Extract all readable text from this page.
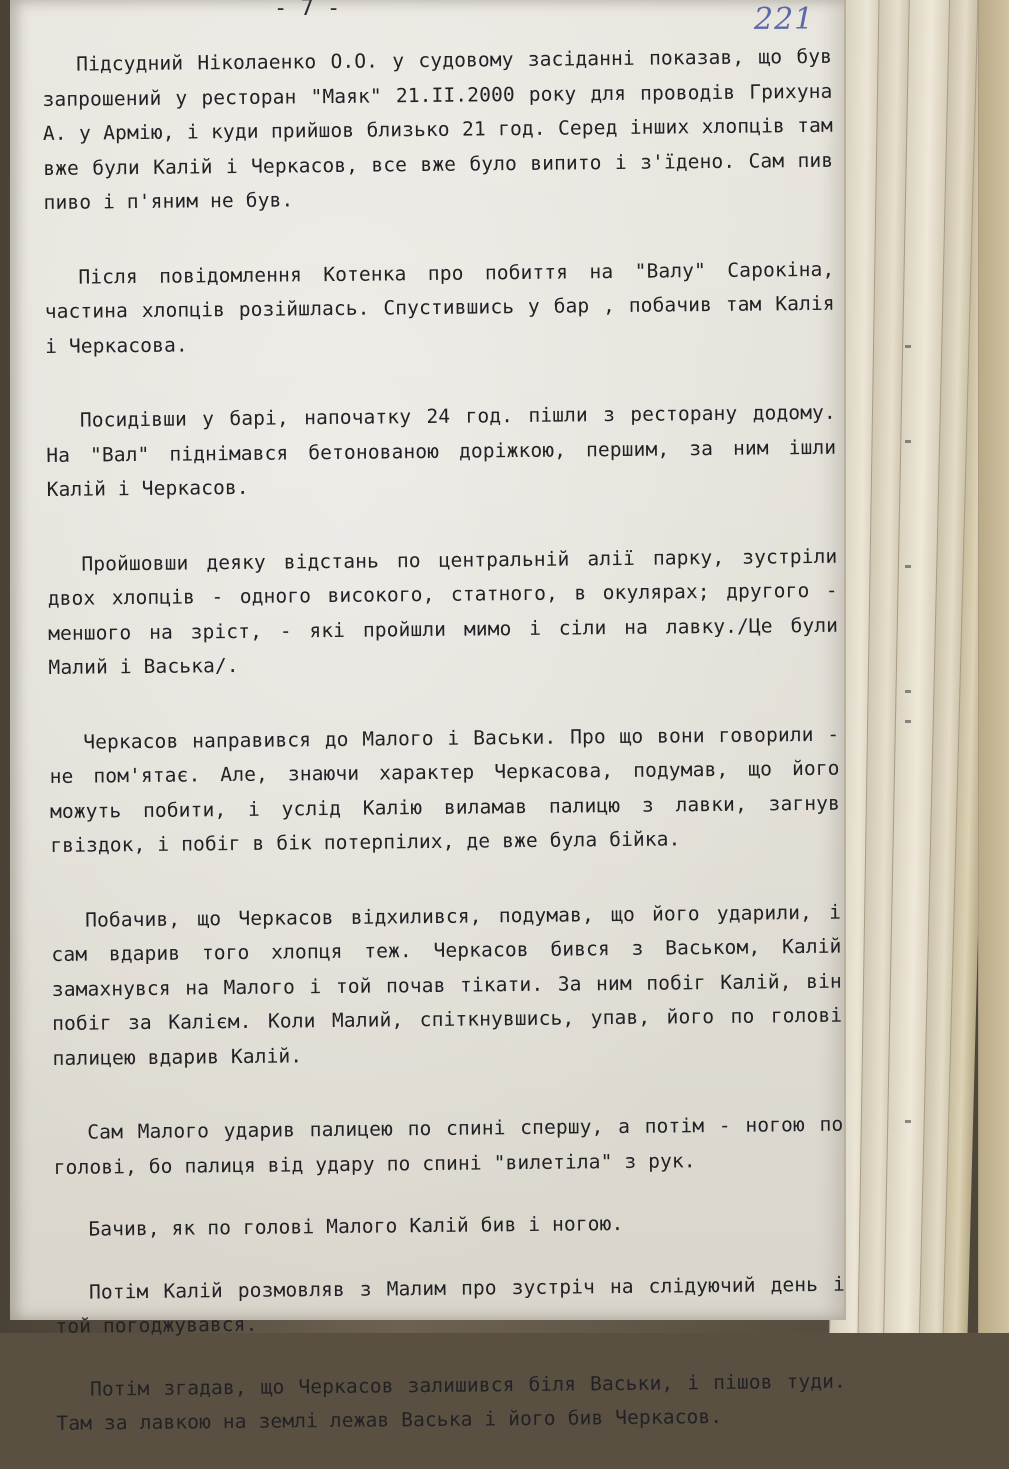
- 7 -	221

Підсудний Ніколаенко О.О. у судовому засіданні показав, що був запрошений у ресторан "Маяк" 21.II.2000 року для проводів Грихуна А. у Армію, і куди прийшов близько 21 год. Серед інших хлопців там вже були Калій і Черкасов, все вже було випито і з'їдено. Сам пив пиво і п'яним не був.

Після повідомлення Котенка про побиття на "Валу" Сарокіна, частина хлопців розійшлась. Спустившись у бар , побачив там Калія і Черкасова.

Посидівши у барі, напочатку 24 год. пішли з ресторану додому. На "Вал" піднімався бетонованою доріжкою, першим, за ним ішли Калій і Черкасов.

Пройшовши деяку відстань по центральній алії парку, зустріли двох хлопців - одного високого, статного, в окулярах; другого - меншого на зріст, - які пройшли мимо і сіли на лавку./Це були Малий і Васька/.

Черкасов направився до Малого і Васьки. Про що вони говорили - не пом'ятає. Але, знаючи характер Черкасова, подумав, що його можуть побити, і услід Калію виламав палицю з лавки, загнув гвіздок, і побіг в бік потерпілих, де вже була бійка.

Побачив, що Черкасов відхилився, подумав, що його ударили, і сам вдарив того хлопця теж. Черкасов бився з Васьком, Калій замахнувся на Малого і той почав тікати. За ним побіг Калій, він побіг за Калієм. Коли Малий, спіткнувшись, упав, його по голові палицею вдарив Калій.

Сам Малого ударив палицею по спині спершу, а потім - ногою по голові, бо палиця від удару по спині "вилетіла" з рук.

Бачив, як по голові Малого Калій бив і ногою.

Потім Калій розмовляв з Малим про зустріч на слідуючий день і той погоджувався.

Потім згадав, що Черкасов залишився біля Васьки, і пішов туди. Там за лавкою на землі лежав Васька і його бив Черкасов.
